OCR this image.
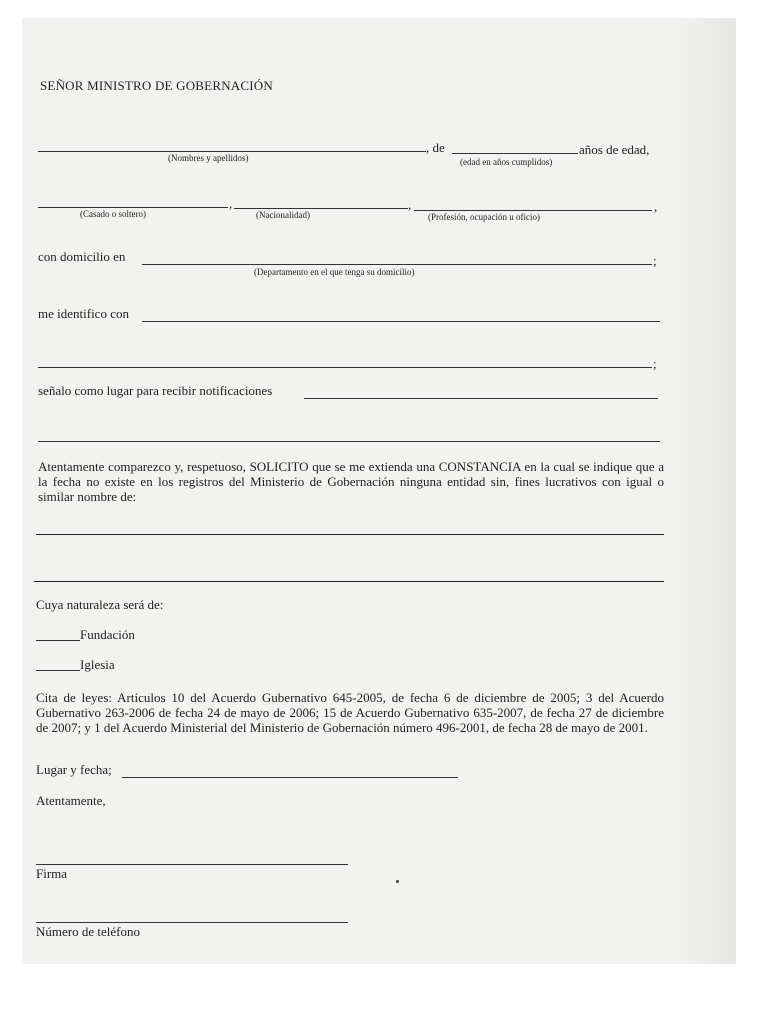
SEÑOR MINISTRO DE GOBERNACIÓN
, de	años de edad,
(Nombres y apellidos)	(edad en años cumplidos)
,	,	,
(Casado o soltero)	(Nacionalidad)	(Profesión, ocupación u oficio)
con domicilio en	;
(Departamento en el que tenga su domicilio)
me identifico con
;
señalo como lugar para recibir notificaciones
Atentamente comparezco y, respetuoso, SOLICITO que se me extienda una CONSTANCIA en la cual se indique que a la fecha no existe en los registros del Ministerio de Gobernación ninguna entidad sin, fines lucrativos con igual o similar nombre de:
Cuya naturaleza será de:
Fundación
Iglesia
Cita de leyes: Artículos 10 del Acuerdo Gubernativo 645-2005, de fecha 6 de diciembre de 2005; 3 del Acuerdo Gubernativo 263-2006 de fecha 24 de mayo de 2006; 15 de Acuerdo Gubernativo 635-2007, de fecha 27 de diciembre de 2007; y 1 del Acuerdo Ministerial del Ministerio de Gobernación número 496-2001, de fecha 28 de mayo de 2001.
Lugar y fecha;
Atentamente,
Firma
Número de teléfono
